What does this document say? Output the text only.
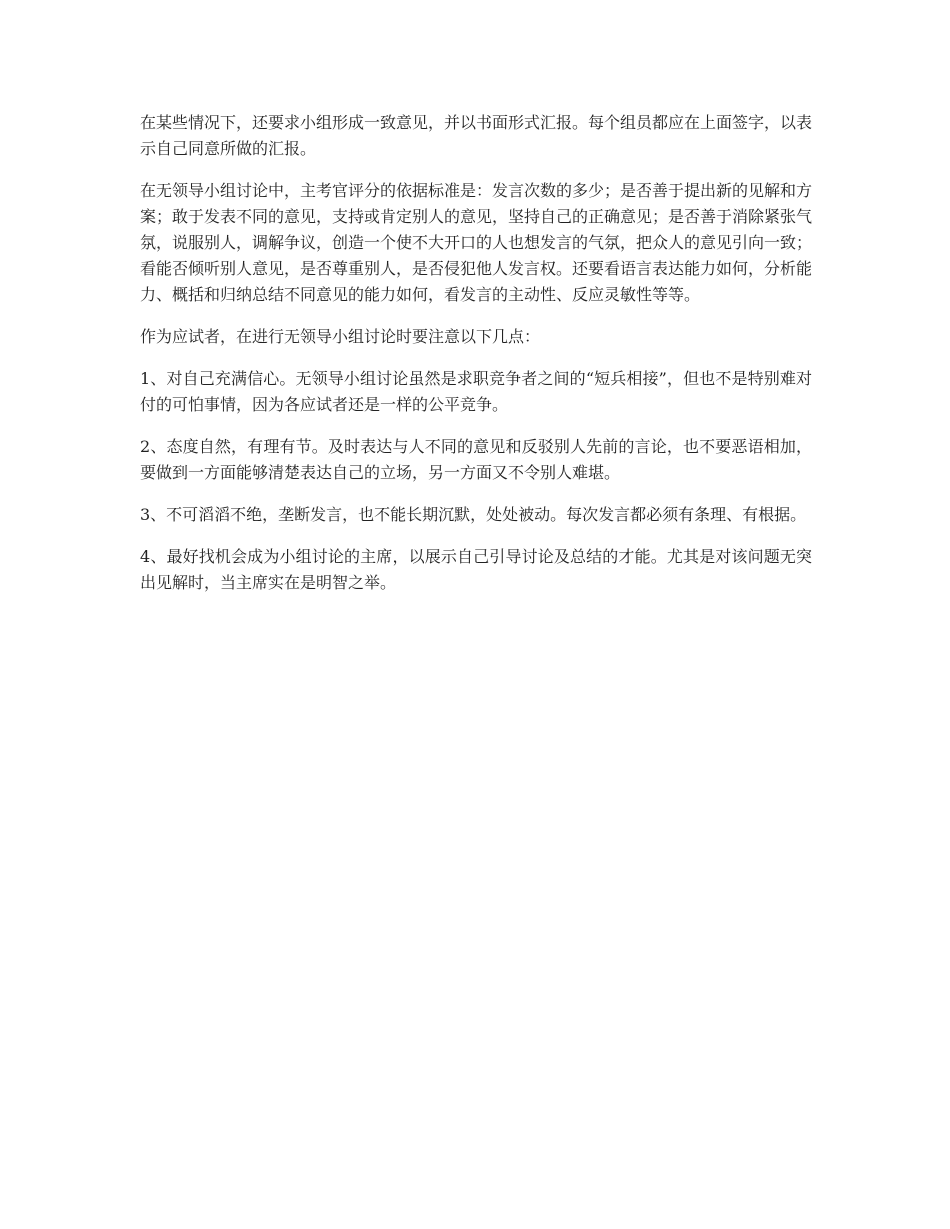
在某些情况下，还要求小组形成一致意见，并以书面形式汇报。每个组员都应在上面签字，以表示自己同意所做的汇报。

在无领导小组讨论中，主考官评分的依据标准是：发言次数的多少；是否善于提出新的见解和方案；敢于发表不同的意见，支持或肯定别人的意见，坚持自己的正确意见；是否善于消除紧张气氛，说服别人，调解争议，创造一个使不大开口的人也想发言的气氛，把众人的意见引向一致；看能否倾听别人意见，是否尊重别人，是否侵犯他人发言权。还要看语言表达能力如何，分析能力、概括和归纳总结不同意见的能力如何，看发言的主动性、反应灵敏性等等。

作为应试者，在进行无领导小组讨论时要注意以下几点：

1、对自己充满信心。无领导小组讨论虽然是求职竞争者之间的“短兵相接”，但也不是特别难对付的可怕事情，因为各应试者还是一样的公平竞争。

2、态度自然，有理有节。及时表达与人不同的意见和反驳别人先前的言论，也不要恶语相加，要做到一方面能够清楚表达自己的立场，另一方面又不令别人难堪。

3、不可滔滔不绝，垄断发言，也不能长期沉默，处处被动。每次发言都必须有条理、有根据。

4、最好找机会成为小组讨论的主席，以展示自己引导讨论及总结的才能。尤其是对该问题无突出见解时，当主席实在是明智之举。
